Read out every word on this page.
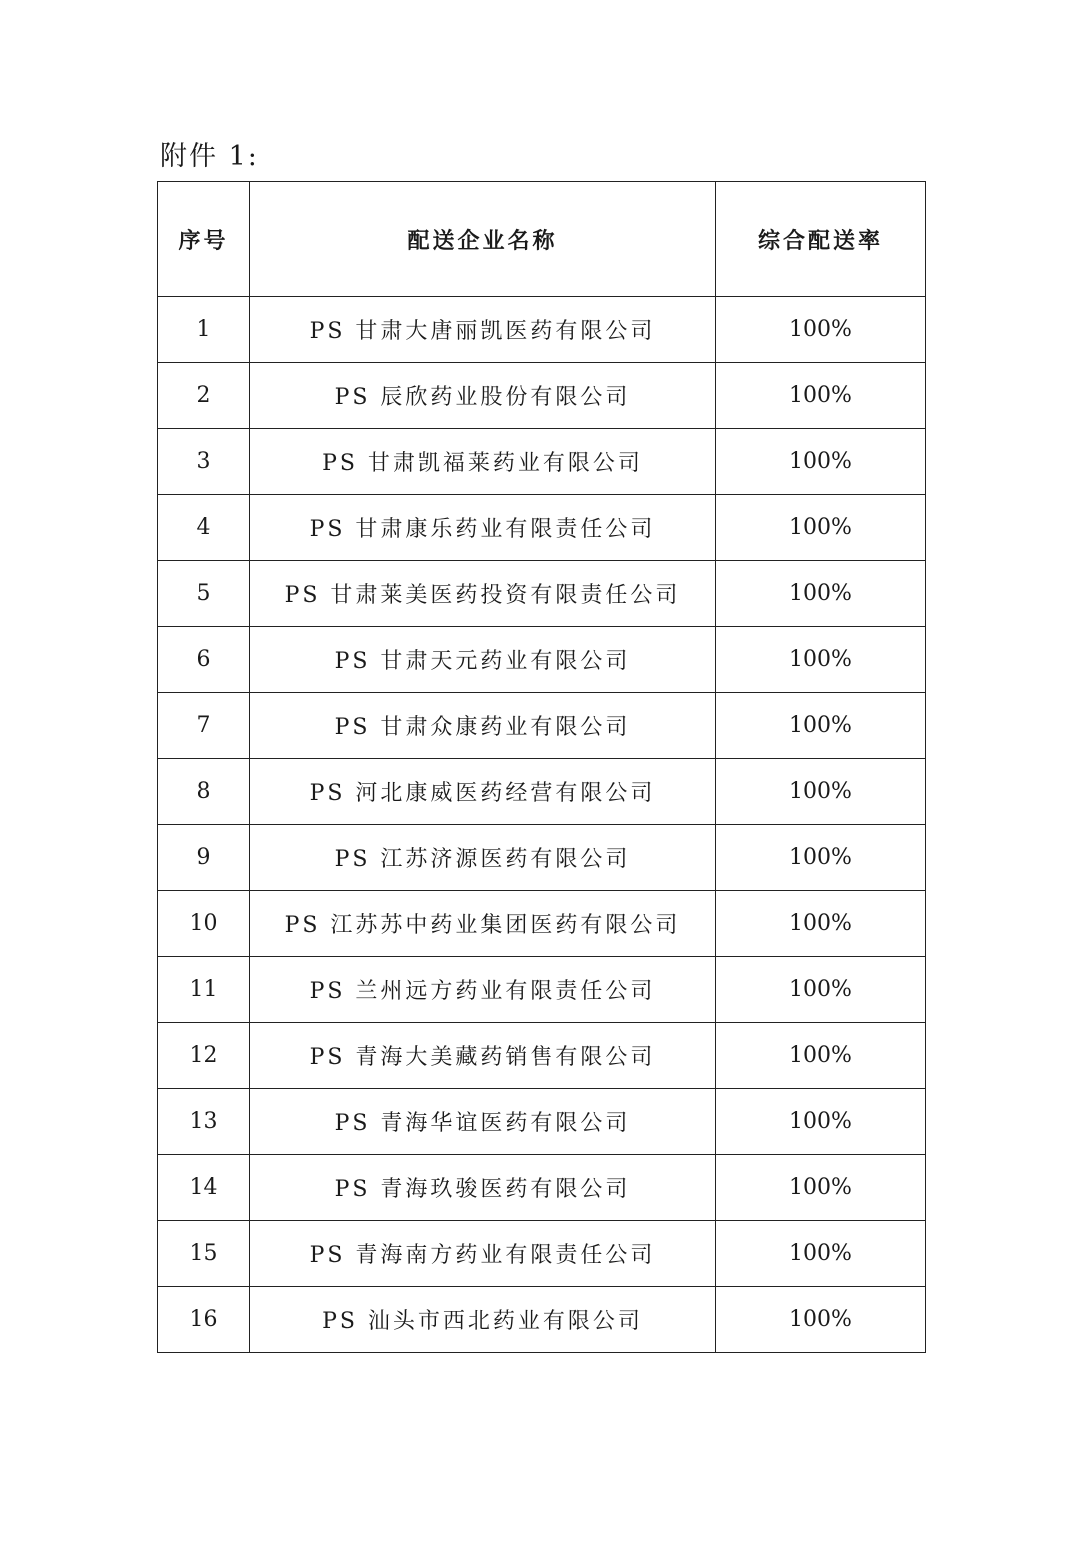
附件 1:
序号	配送企业名称	综合配送率
1	PS 甘肃大唐丽凯医药有限公司	100%
2	PS 辰欣药业股份有限公司	100%
3	PS 甘肃凯福莱药业有限公司	100%
4	PS 甘肃康乐药业有限责任公司	100%
5	PS 甘肃莱美医药投资有限责任公司	100%
6	PS 甘肃天元药业有限公司	100%
7	PS 甘肃众康药业有限公司	100%
8	PS 河北康威医药经营有限公司	100%
9	PS 江苏济源医药有限公司	100%
10	PS 江苏苏中药业集团医药有限公司	100%
11	PS 兰州远方药业有限责任公司	100%
12	PS 青海大美藏药销售有限公司	100%
13	PS 青海华谊医药有限公司	100%
14	PS 青海玖骏医药有限公司	100%
15	PS 青海南方药业有限责任公司	100%
16	PS 汕头市西北药业有限公司	100%
